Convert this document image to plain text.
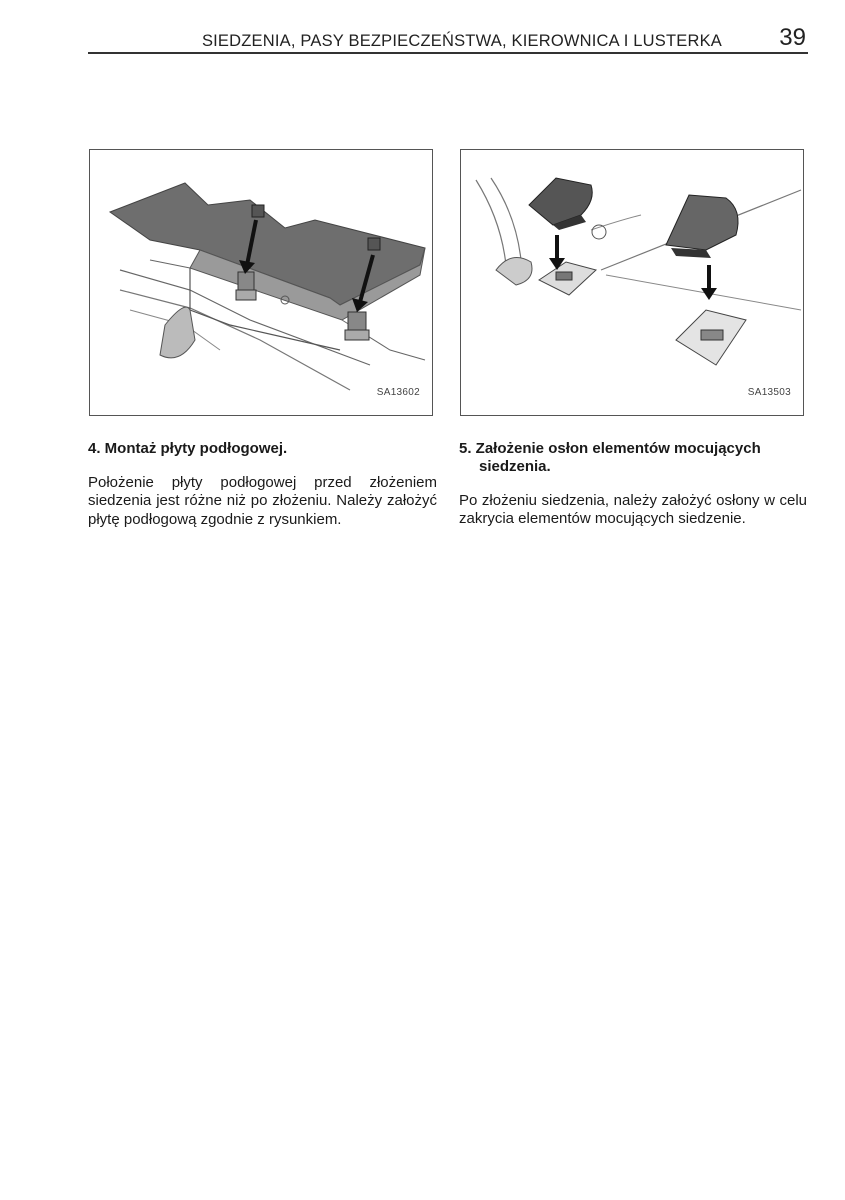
SIEDZENIA, PASY BEZPIECZEŃSTWA, KIEROWNICA I LUSTERKA 39
SA13602	SA13503
4. Montaż płyty podłogowej.
Położenie płyty podłogowej przed złożeniem siedzenia jest różne niż po złożeniu. Należy założyć płytę podłogową zgodnie z rysunkiem.
5. Założenie osłon elementów mocujących siedzenia.
Po złożeniu siedzenia, należy założyć osłony w celu zakrycia elementów mocujących siedzenie.
